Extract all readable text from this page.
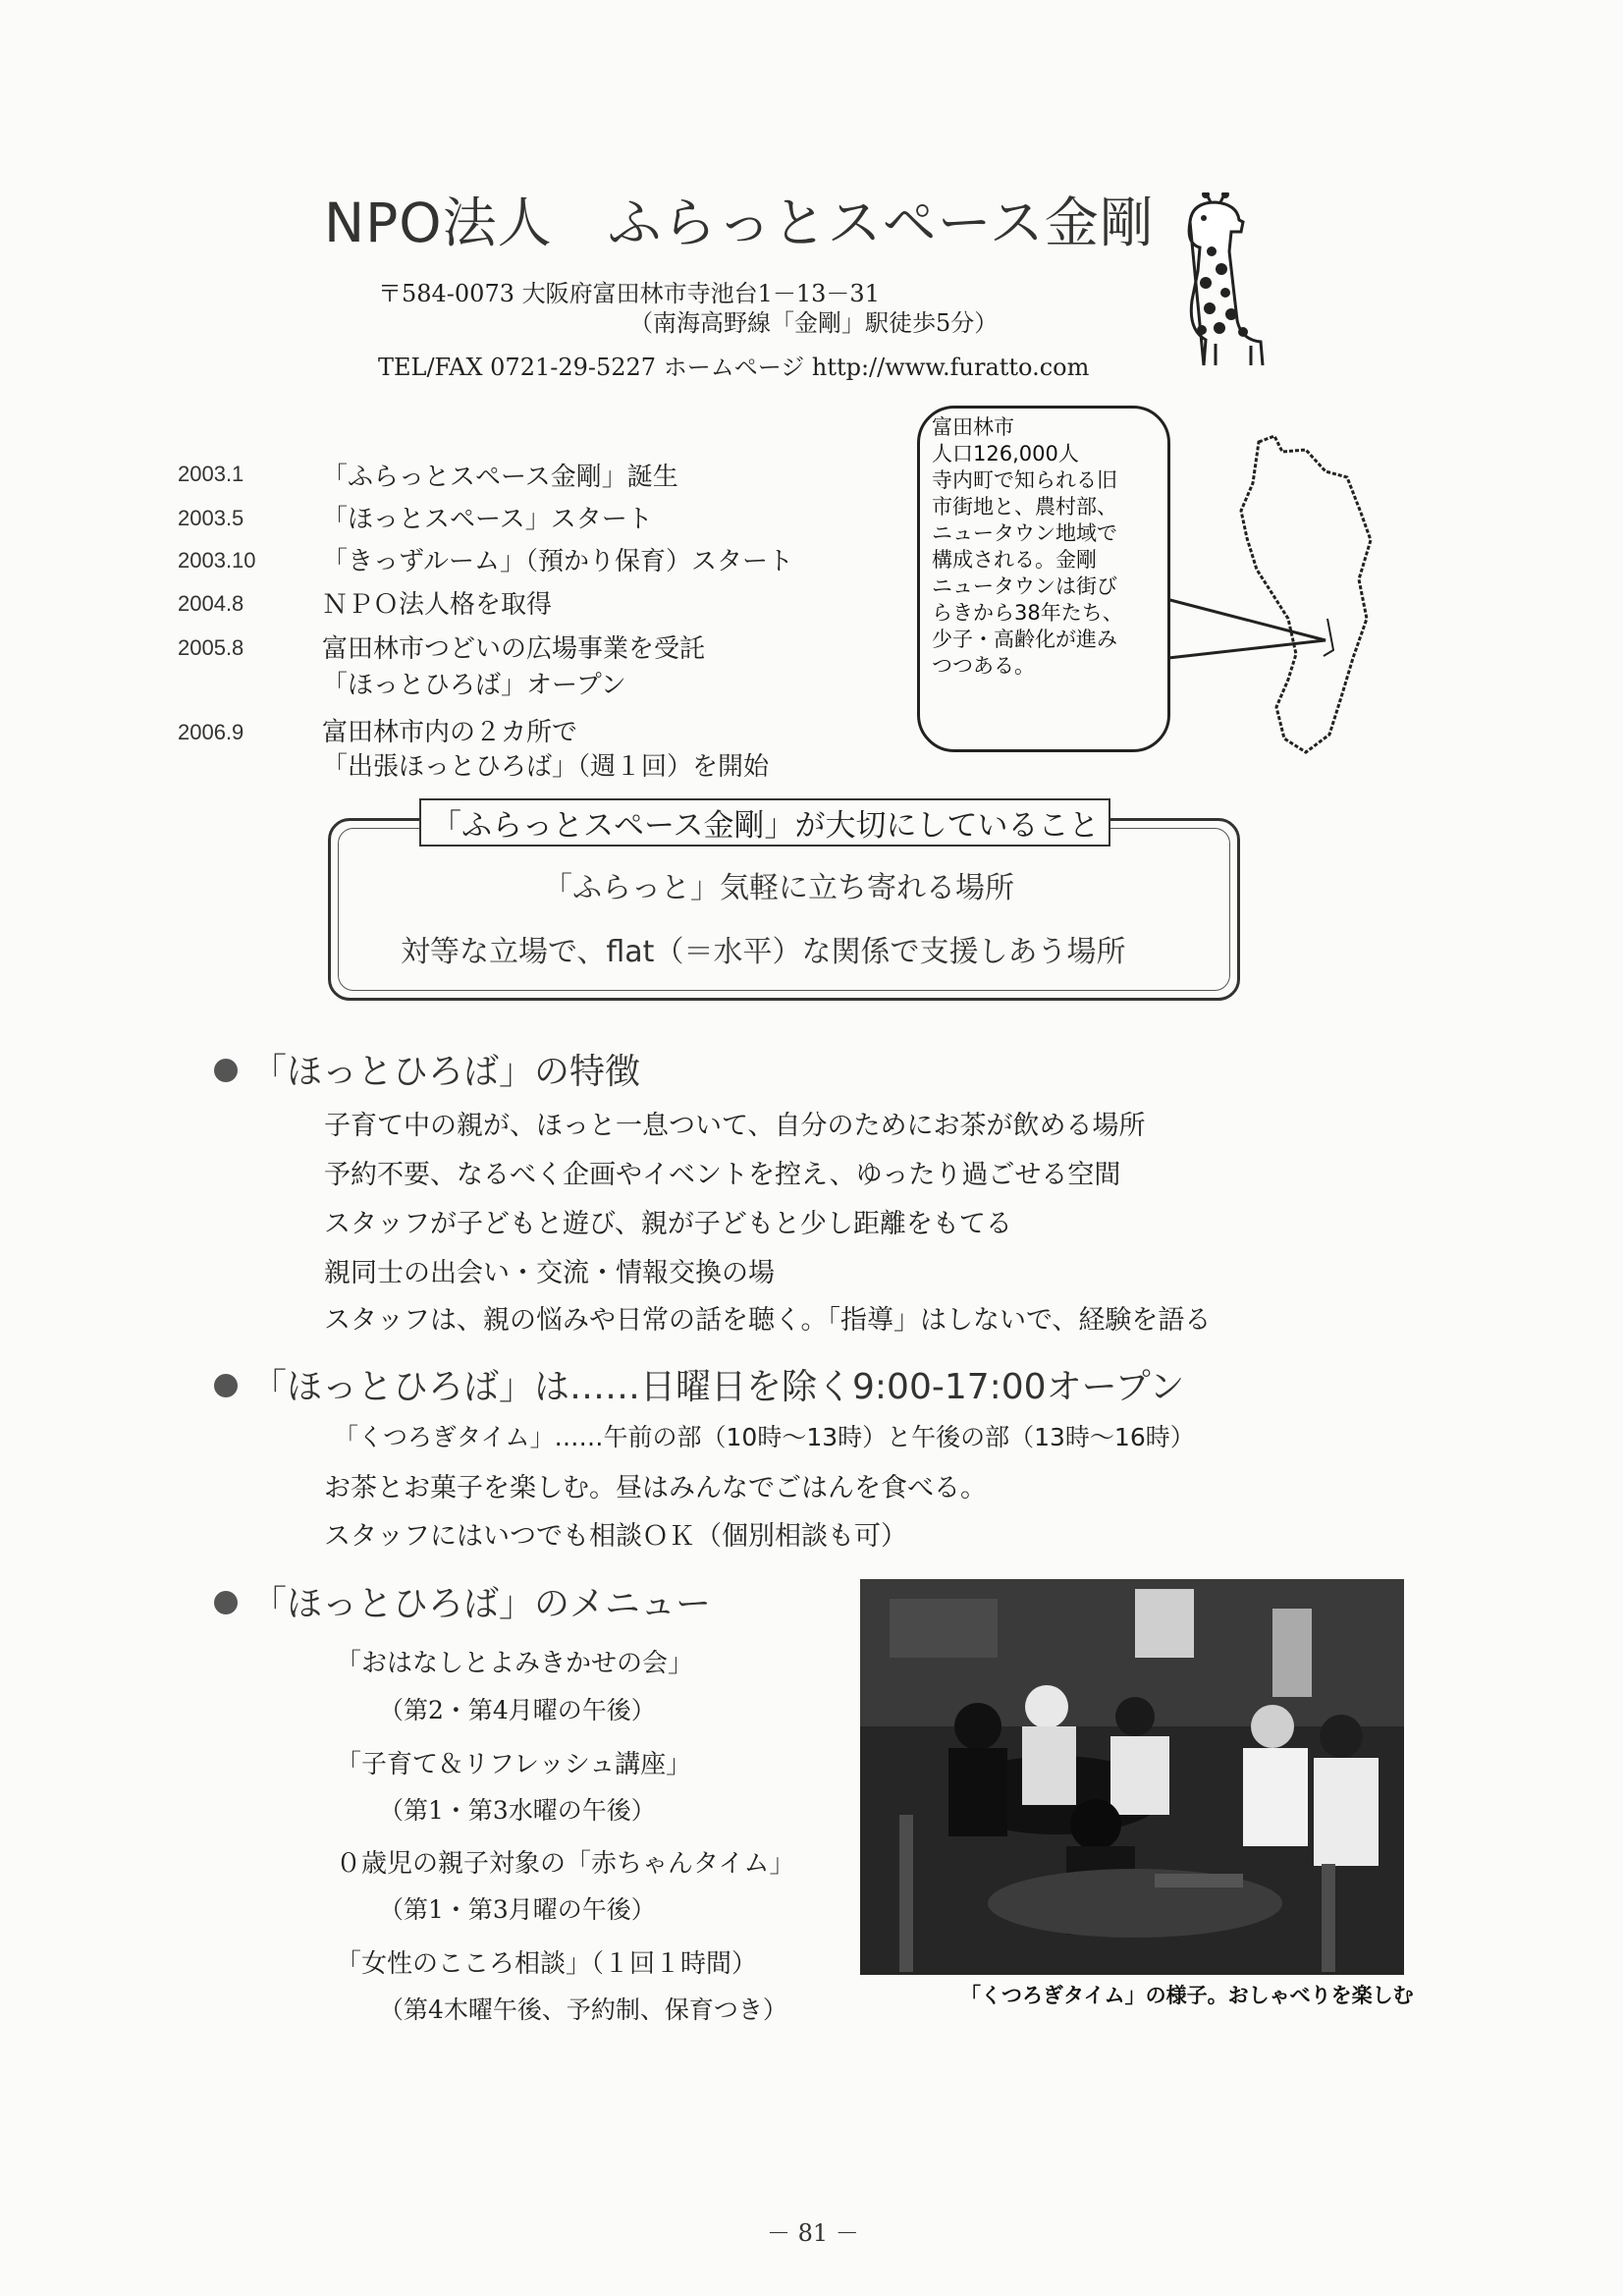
NPO法人　ふらっとスペース金剛
〒584-0073 大阪府富田林市寺池台1－13－31
（南海高野線「金剛」駅徒歩5分）
TEL/FAX 0721-29-5227 ホームページ http://www.furatto.com
2003.1	「ふらっとスペース金剛」誕生
2003.5	「ほっとスペース」スタート
2003.10	「きっずルーム」（預かり保育）スタート
2004.8	ＮＰＯ法人格を取得
2005.8	富田林市つどいの広場事業を受託
「ほっとひろば」オープン
2006.9	富田林市内の２カ所で
「出張ほっとひろば」（週１回）を開始
富田林市
人口126,000人
寺内町で知られる旧
市街地と、農村部、
ニュータウン地域で
構成される。金剛
ニュータウンは街び
らきから38年たち、
少子・高齢化が進み
つつある。
「ふらっとスペース金剛」が大切にしていること
「ふらっと」気軽に立ち寄れる場所
対等な立場で、flat（＝水平）な関係で支援しあう場所
「ほっとひろば」の特徴
子育て中の親が、ほっと一息ついて、自分のためにお茶が飲める場所
予約不要、なるべく企画やイベントを控え、ゆったり過ごせる空間
スタッフが子どもと遊び、親が子どもと少し距離をもてる
親同士の出会い・交流・情報交換の場
スタッフは、親の悩みや日常の話を聴く。「指導」はしないで、経験を語る
「ほっとひろば」は……日曜日を除く9:00-17:00オープン
「くつろぎタイム」……午前の部（10時～13時）と午後の部（13時～16時）
お茶とお菓子を楽しむ。昼はみんなでごはんを食べる。
スタッフにはいつでも相談ＯＫ（個別相談も可）
「ほっとひろば」のメニュー
「おはなしとよみきかせの会」
（第2・第4月曜の午後）
「子育て＆リフレッシュ講座」
（第1・第3水曜の午後）
０歳児の親子対象の「赤ちゃんタイム」
（第1・第3月曜の午後）
「女性のこころ相談」（１回１時間）
（第4木曜午後、予約制、保育つき）	「くつろぎタイム」の様子。おしゃべりを楽しむ
－ 81 －
